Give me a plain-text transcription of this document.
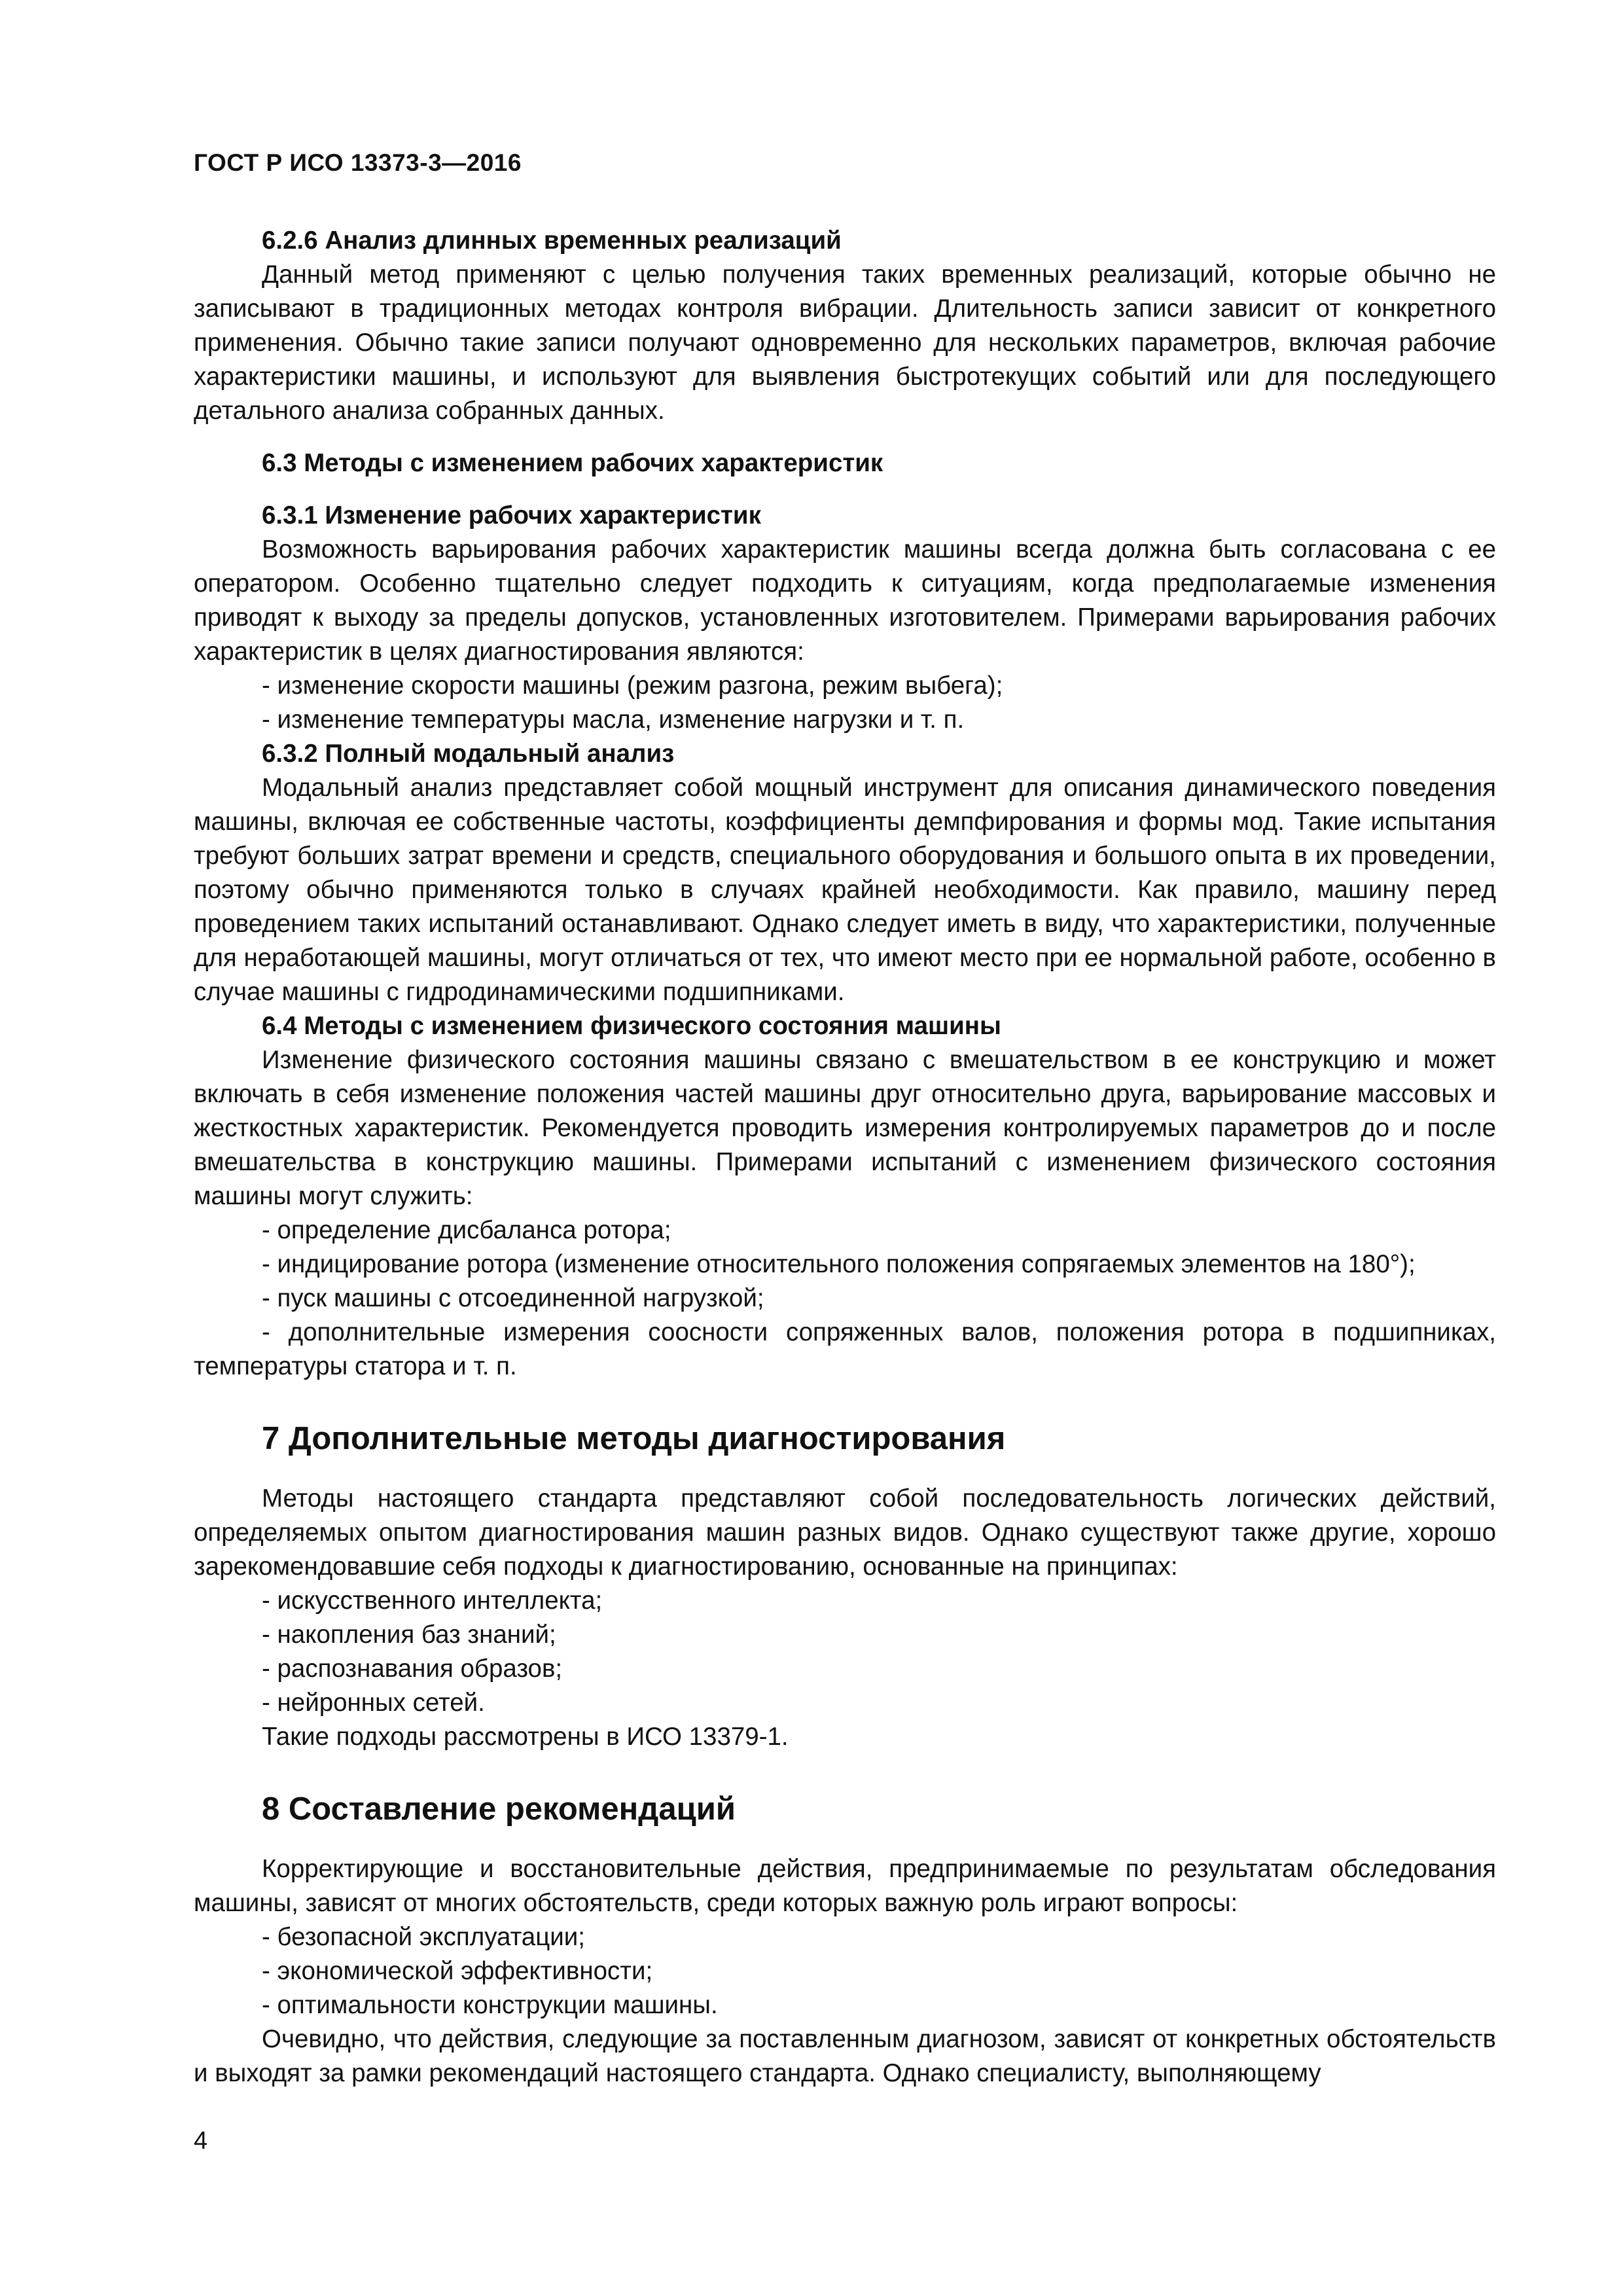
ГОСТ Р ИСО 13373-3—2016

6.2.6 Анализ длинных временных реализаций

Данный метод применяют с целью получения таких временных реализаций, которые обычно не записывают в традиционных методах контроля вибрации. Длительность записи зависит от конкретного применения. Обычно такие записи получают одновременно для нескольких параметров, включая рабочие характеристики машины, и используют для выявления быстротекущих событий или для последующего детального анализа собранных данных.

6.3 Методы с изменением рабочих характеристик

6.3.1 Изменение рабочих характеристик

Возможность варьирования рабочих характеристик машины всегда должна быть согласована с ее оператором. Особенно тщательно следует подходить к ситуациям, когда предполагаемые изменения приводят к выходу за пределы допусков, установленных изготовителем. Примерами варьирования рабочих характеристик в целях диагностирования являются:

- изменение скорости машины (режим разгона, режим выбега);

- изменение температуры масла, изменение нагрузки и т. п.

6.3.2 Полный модальный анализ

Модальный анализ представляет собой мощный инструмент для описания динамического поведения машины, включая ее собственные частоты, коэффициенты демпфирования и формы мод. Такие испытания требуют больших затрат времени и средств, специального оборудования и большого опыта в их проведении, поэтому обычно применяются только в случаях крайней необходимости. Как правило, машину перед проведением таких испытаний останавливают. Однако следует иметь в виду, что характеристики, полученные для неработающей машины, могут отличаться от тех, что имеют место при ее нормальной работе, особенно в случае машины с гидродинамическими подшипниками.

6.4 Методы с изменением физического состояния машины

Изменение физического состояния машины связано с вмешательством в ее конструкцию и может включать в себя изменение положения частей машины друг относительно друга, варьирование массовых и жесткостных характеристик. Рекомендуется проводить измерения контролируемых параметров до и после вмешательства в конструкцию машины. Примерами испытаний с изменением физического состояния машины могут служить:

- определение дисбаланса ротора;

- индицирование ротора (изменение относительного положения сопрягаемых элементов на 180°);

- пуск машины с отсоединенной нагрузкой;

- дополнительные измерения соосности сопряженных валов, положения ротора в подшипниках, температуры статора и т. п.

7 Дополнительные методы диагностирования

Методы настоящего стандарта представляют собой последовательность логических действий, определяемых опытом диагностирования машин разных видов. Однако существуют также другие, хорошо зарекомендовавшие себя подходы к диагностированию, основанные на принципах:

- искусственного интеллекта;

- накопления баз знаний;

- распознавания образов;

- нейронных сетей.

Такие подходы рассмотрены в ИСО 13379-1.

8 Составление рекомендаций

Корректирующие и восстановительные действия, предпринимаемые по результатам обследования машины, зависят от многих обстоятельств, среди которых важную роль играют вопросы:

- безопасной эксплуатации;

- экономической эффективности;

- оптимальности конструкции машины.

Очевидно, что действия, следующие за поставленным диагнозом, зависят от конкретных обстоятельств и выходят за рамки рекомендаций настоящего стандарта. Однако специалисту, выполняющему

4
